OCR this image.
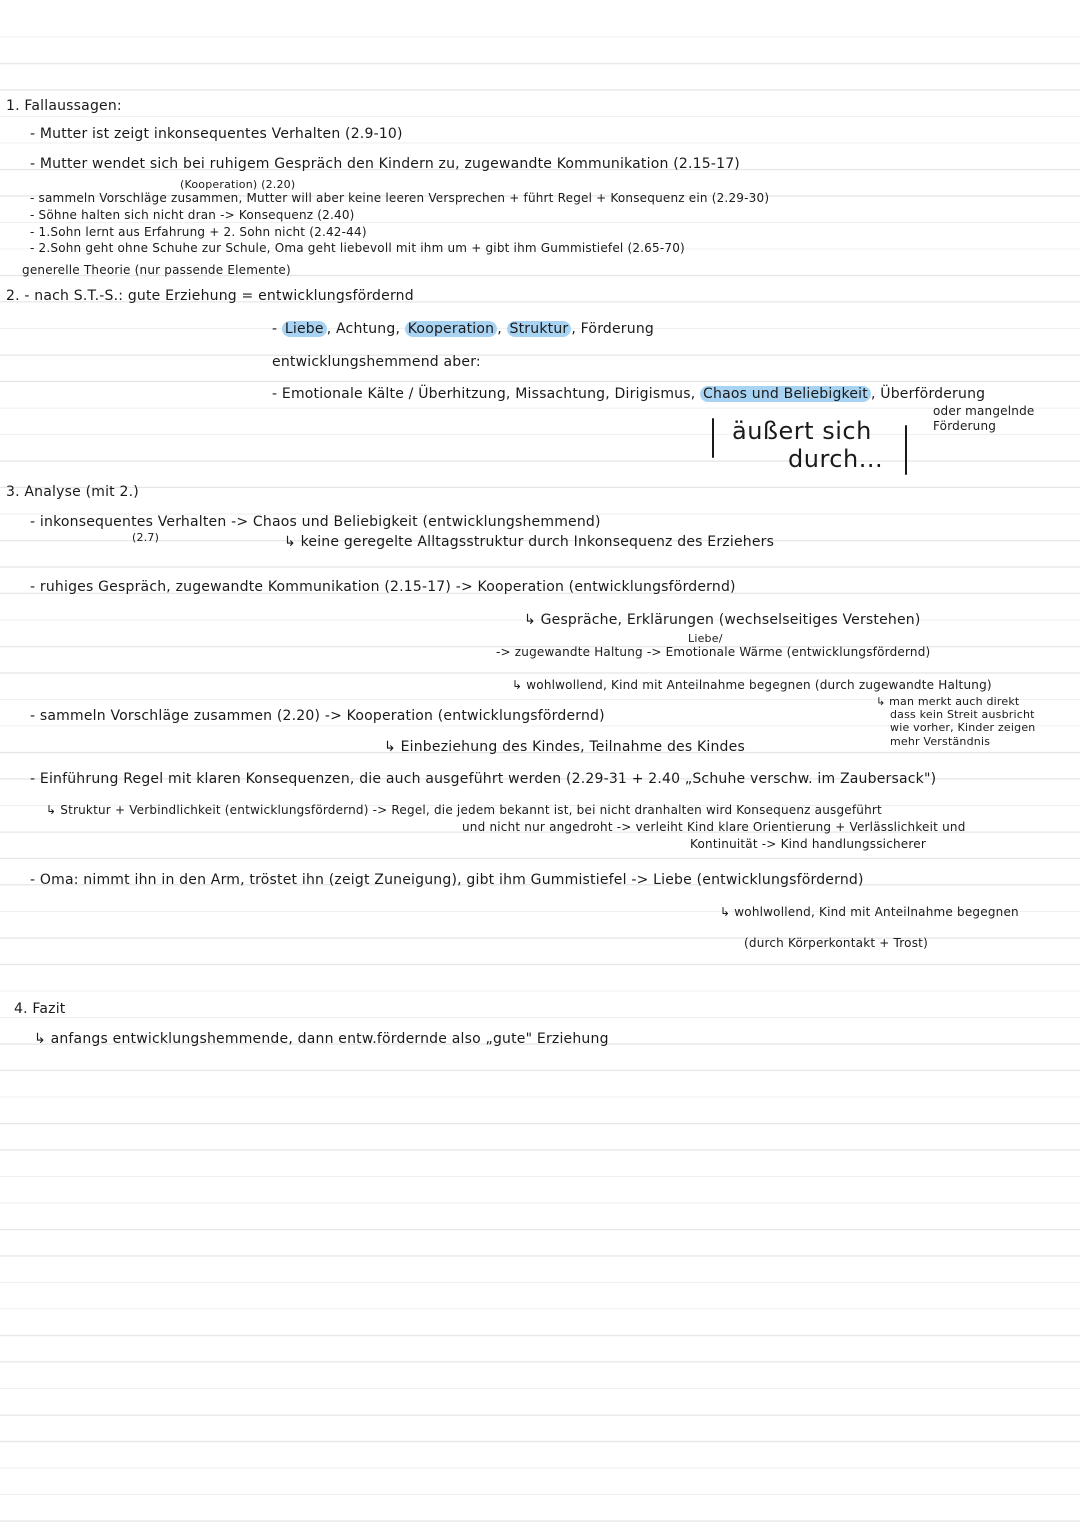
1. Fallaussagen:
- Mutter ist zeigt inkonsequentes Verhalten (2.9-10)
- Mutter wendet sich bei ruhigem Gespräch den Kindern zu, zugewandte Kommunikation (2.15-17)
(Kooperation) (2.20)
- sammeln Vorschläge zusammen, Mutter will aber keine leeren Versprechen + führt Regel + Konsequenz ein (2.29-30)
- Söhne halten sich nicht dran -> Konsequenz (2.40)
- 1.Sohn lernt aus Erfahrung + 2. Sohn nicht (2.42-44)
- 2.Sohn geht ohne Schuhe zur Schule, Oma geht liebevoll mit ihm um + gibt ihm Gummistiefel (2.65-70)
generelle Theorie (nur passende Elemente)
2. - nach S.T.-S.: gute Erziehung = entwicklungsfördernd
- Liebe , Achtung, Kooperation , Struktur , Förderung
entwicklungshemmend aber:
- Emotionale Kälte / Überhitzung, Missachtung, Dirigismus, Chaos und Beliebigkeit , Überförderung
oder mangelnde
Förderung
äußert sich
durch...
3. Analyse (mit 2.)
- inkonsequentes Verhalten -> Chaos und Beliebigkeit (entwicklungshemmend)
(2.7)	↳ keine geregelte Alltagsstruktur durch Inkonsequenz des Erziehers
- ruhiges Gespräch, zugewandte Kommunikation (2.15-17) -> Kooperation (entwicklungsfördernd)
↳ Gespräche, Erklärungen (wechselseitiges Verstehen)
Liebe/
-> zugewandte Haltung -> Emotionale Wärme (entwicklungsfördernd)
↳ wohlwollend, Kind mit Anteilnahme begegnen (durch zugewandte Haltung)
↳ man merkt auch direkt
dass kein Streit ausbricht
wie vorher, Kinder zeigen
mehr Verständnis
- sammeln Vorschläge zusammen (2.20) -> Kooperation (entwicklungsfördernd)
↳ Einbeziehung des Kindes, Teilnahme des Kindes
- Einführung Regel mit klaren Konsequenzen, die auch ausgeführt werden (2.29-31 + 2.40 „Schuhe verschw. im Zaubersack")
↳ Struktur + Verbindlichkeit (entwicklungsfördernd) -> Regel, die jedem bekannt ist, bei nicht dranhalten wird Konsequenz ausgeführt
und nicht nur angedroht -> verleiht Kind klare Orientierung + Verlässlichkeit und
Kontinuität -> Kind handlungssicherer
- Oma: nimmt ihn in den Arm, tröstet ihn (zeigt Zuneigung), gibt ihm Gummistiefel -> Liebe (entwicklungsfördernd)
↳ wohlwollend, Kind mit Anteilnahme begegnen
(durch Körperkontakt + Trost)
4. Fazit
↳ anfangs entwicklungshemmende, dann entw.fördernde also „gute" Erziehung
